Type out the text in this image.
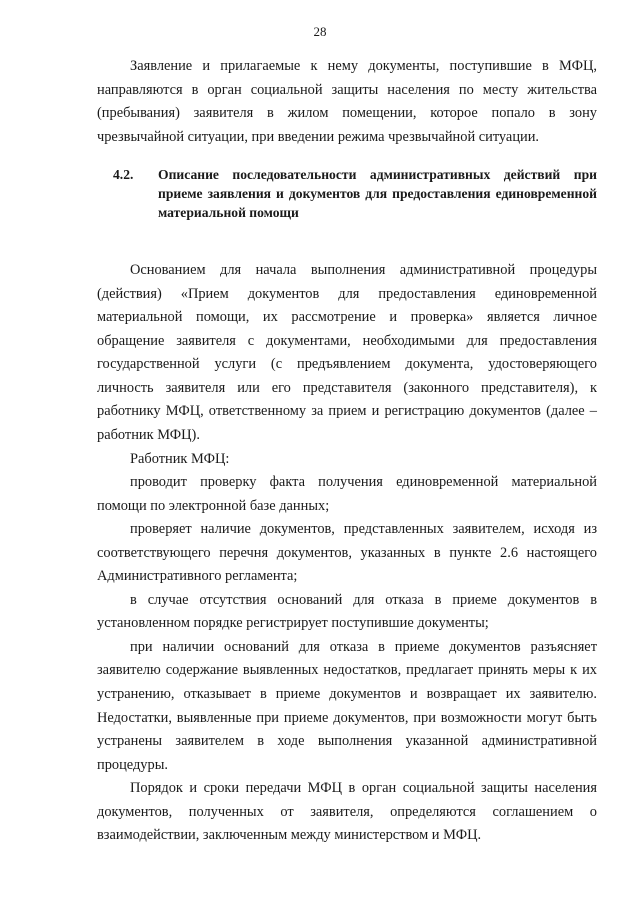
28

Заявление и прилагаемые к нему документы, поступившие в МФЦ, направляются в орган социальной защиты населения по месту жительства (пребывания) заявителя в жилом помещении, которое попало в зону чрезвычайной ситуации, при введении режима чрезвычайной ситуации.

4.2.	Описание последовательности административных действий при приеме заявления и документов для предоставления единовременной материальной помощи

Основанием для начала выполнения административной процедуры (действия) «Прием документов для предоставления единовременной материальной помощи, их рассмотрение и проверка» является личное обращение заявителя с документами, необходимыми для предоставления государственной услуги (с предъявлением документа, удостоверяющего личность заявителя или его представителя (законного представителя), к работнику МФЦ, ответственному за прием и регистрацию документов (далее – работник МФЦ).

Работник МФЦ:

проводит проверку факта получения единовременной материальной помощи по электронной базе данных;

проверяет наличие документов, представленных заявителем, исходя из соответствующего перечня документов, указанных в пункте 2.6 настоящего Административного регламента;

в случае отсутствия оснований для отказа в приеме документов в установленном порядке регистрирует поступившие документы;

при наличии оснований для отказа в приеме документов разъясняет заявителю содержание выявленных недостатков, предлагает принять меры к их устранению, отказывает в приеме документов и возвращает их заявителю. Недостатки, выявленные при приеме документов, при возможности могут быть устранены заявителем в ходе выполнения указанной административной процедуры.

Порядок и сроки передачи МФЦ в орган социальной защиты населения документов, полученных от заявителя, определяются соглашением о взаимодействии, заключенным между министерством и МФЦ.
